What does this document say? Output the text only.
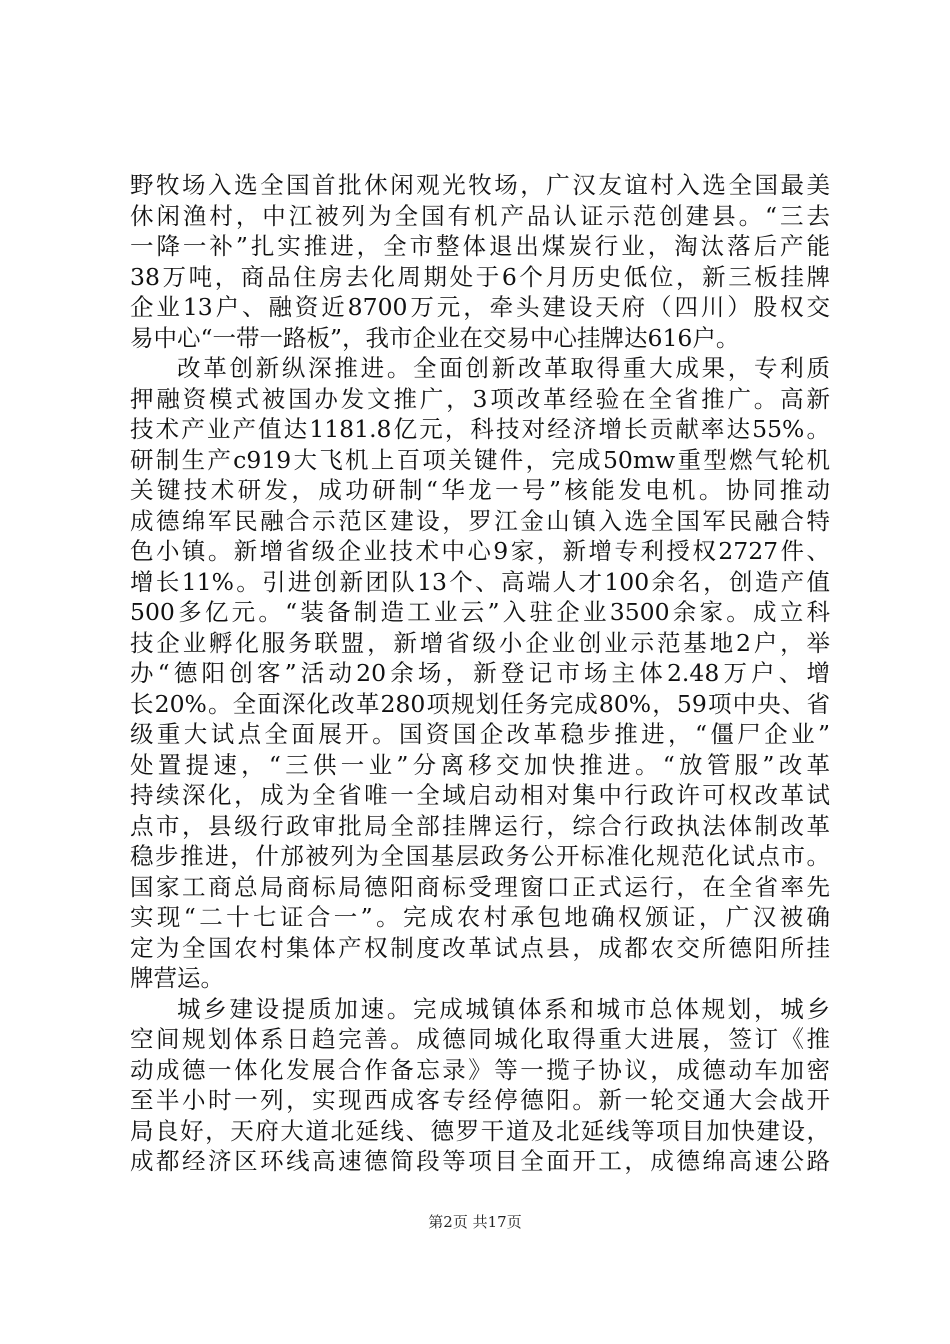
野牧场入选全国首批休闲观光牧场，广汉友谊村入选全国最美
休闲渔村，中江被列为全国有机产品认证示范创建县。“三去
一降一补”扎实推进，全市整体退出煤炭行业，淘汰落后产能
38万吨，商品住房去化周期处于6个月历史低位，新三板挂牌
企业13户、融资近8700万元，牵头建设天府（四川）股权交
易中心“一带一路板”，我市企业在交易中心挂牌达616户。
改革创新纵深推进。全面创新改革取得重大成果，专利质
押融资模式被国办发文推广，3项改革经验在全省推广。高新
技术产业产值达1181.8亿元，科技对经济增长贡献率达55%。
研制生产c919大飞机上百项关键件，完成50mw重型燃气轮机
关键技术研发，成功研制“华龙一号”核能发电机。协同推动
成德绵军民融合示范区建设，罗江金山镇入选全国军民融合特
色小镇。新增省级企业技术中心9家，新增专利授权2727件、
增长11%。引进创新团队13个、高端人才100余名，创造产值
500多亿元。“装备制造工业云”入驻企业3500余家。成立科
技企业孵化服务联盟，新增省级小企业创业示范基地2户，举
办“德阳创客”活动20余场，新登记市场主体2.48万户、增
长20%。全面深化改革280项规划任务完成80%，59项中央、省
级重大试点全面展开。国资国企改革稳步推进，“僵尸企业”
处置提速，“三供一业”分离移交加快推进。“放管服”改革
持续深化，成为全省唯一全域启动相对集中行政许可权改革试
点市，县级行政审批局全部挂牌运行，综合行政执法体制改革
稳步推进，什邡被列为全国基层政务公开标准化规范化试点市。
国家工商总局商标局德阳商标受理窗口正式运行，在全省率先
实现“二十七证合一”。完成农村承包地确权颁证，广汉被确
定为全国农村集体产权制度改革试点县，成都农交所德阳所挂
牌营运。
城乡建设提质加速。完成城镇体系和城市总体规划，城乡
空间规划体系日趋完善。成德同城化取得重大进展，签订《推
动成德一体化发展合作备忘录》等一揽子协议，成德动车加密
至半小时一列，实现西成客专经停德阳。新一轮交通大会战开
局良好，天府大道北延线、德罗干道及北延线等项目加快建设，
成都经济区环线高速德简段等项目全面开工，成德绵高速公路
第2页 共17页
